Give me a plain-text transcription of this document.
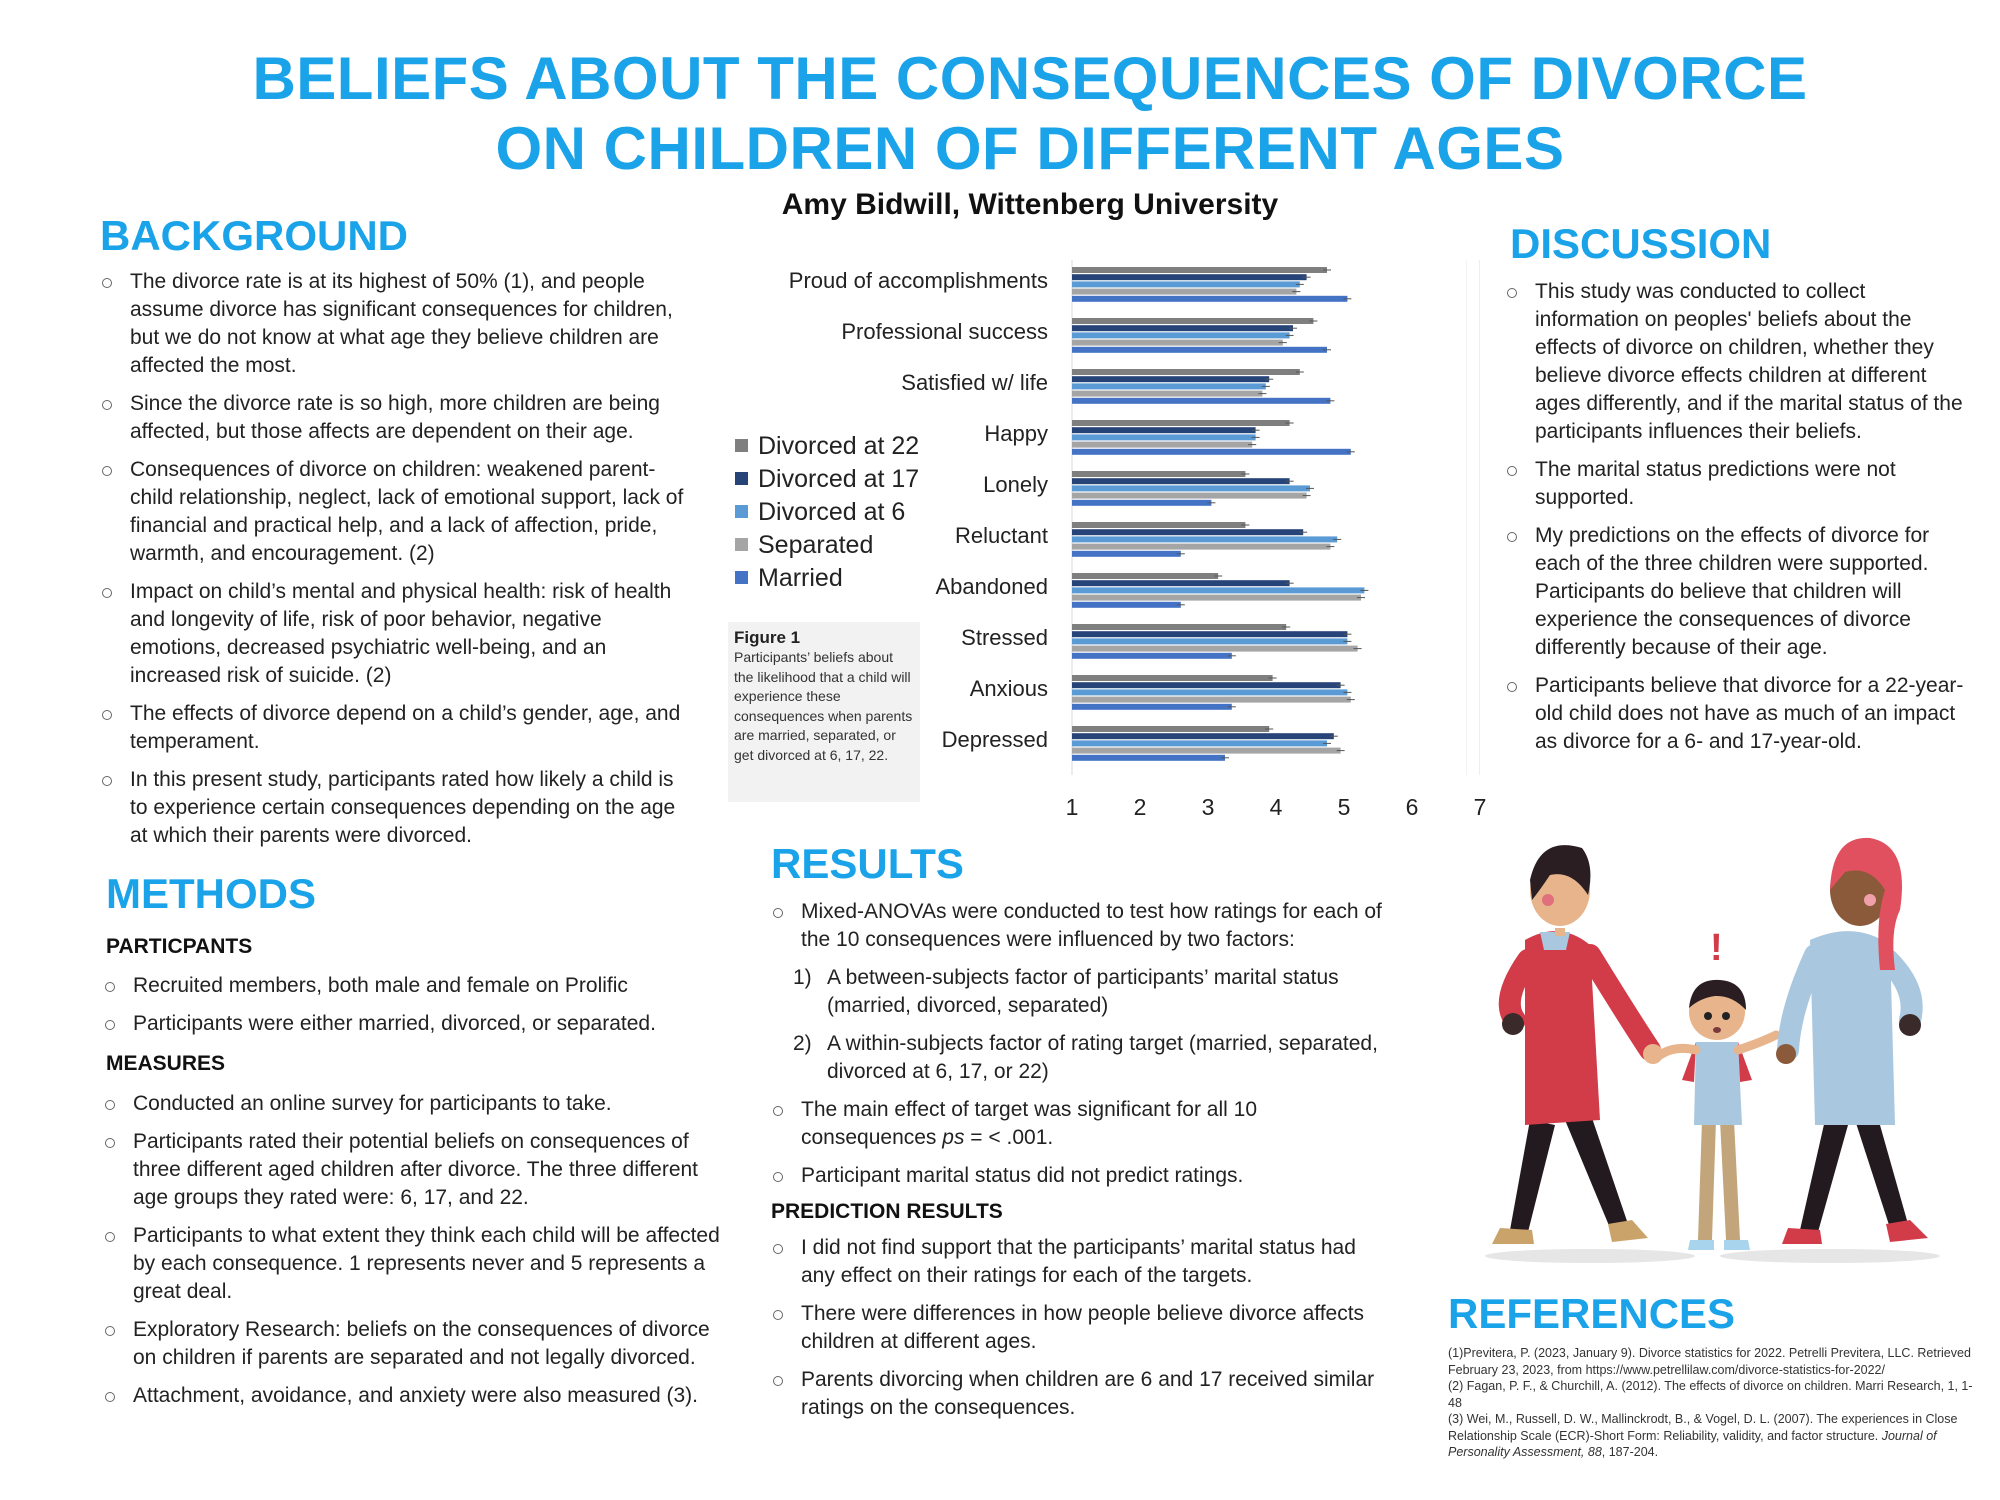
BELIEFS ABOUT THE CONSEQUENCES OF DIVORCE
ON CHILDREN OF DIFFERENT AGES
Amy Bidwill, Wittenberg University
BACKGROUND
The divorce rate is at its highest of 50% (1), and people assume divorce has significant consequences for children, but we do not know at what age they believe children are affected the most.
Since the divorce rate is so high, more children are being affected, but those affects are dependent on their age.
Consequences of divorce on children: weakened parent-child relationship, neglect, lack of emotional support, lack of financial and practical help, and a lack of affection, pride, warmth, and encouragement. (2)
Impact on child’s mental and physical health: risk of health and longevity of life, risk of poor behavior, negative emotions, decreased psychiatric well-being, and an increased risk of suicide. (2)
The effects of divorce depend on a child’s gender, age, and temperament.
In this present study, participants rated how likely a child is to experience certain consequences depending on the age at which their parents were divorced.
METHODS
PARTICPANTS
Recruited members, both male and female on Prolific
Participants were either married, divorced, or separated.
MEASURES
Conducted an online survey for participants to take.
Participants rated their potential beliefs on consequences of three different aged children after divorce. The three different age groups they rated were: 6, 17, and 22.
Participants to what extent they think each child will be affected by each consequence. 1 represents never and 5 represents a great deal.
Exploratory Research: beliefs on the consequences of divorce on children if parents are separated and not legally divorced.
Attachment, avoidance, and anxiety were also measured (3).
Proud of accomplishments
Professional success
Satisfied w/ life
Happy
Lonely
Reluctant
Abandoned
Stressed
Anxious
Depressed
1 2 3 4 5 6 7
Divorced at 22
Divorced at 17
Divorced at 6
Separated
Married
Figure 1
Participants’ beliefs about the likelihood that a child will experience these consequences when parents are married, separated, or get divorced at 6, 17, 22.
RESULTS
Mixed-ANOVAs were conducted to test how ratings for each of the 10 consequences were influenced by two factors:
1) A between-subjects factor of participants’ marital status (married, divorced, separated)
2) A within-subjects factor of rating target (married, separated, divorced at 6, 17, or 22)
The main effect of target was significant for all 10 consequences ps = < .001.
Participant marital status did not predict ratings.
PREDICTION RESULTS
I did not find support that the participants’ marital status had any effect on their ratings for each of the targets.
There were differences in how people believe divorce affects children at different ages.
Parents divorcing when children are 6 and 17 received similar ratings on the consequences.
DISCUSSION
This study was conducted to collect information on peoples' beliefs about the effects of divorce on children, whether they believe divorce effects children at different ages differently, and if the marital status of the participants influences their beliefs.
The marital status predictions were not supported.
My predictions on the effects of divorce for each of the three children were supported. Participants do believe that children will experience the consequences of divorce differently because of their age.
Participants believe that divorce for a 22-year-old child does not have as much of an impact as divorce for a 6- and 17-year-old.
!
REFERENCES
(1)Previtera, P. (2023, January 9). Divorce statistics for 2022. Petrelli Previtera, LLC. Retrieved February 23, 2023, from https://www.petrellilaw.com/divorce-statistics-for-2022/
(2) Fagan, P. F., & Churchill, A. (2012). The effects of divorce on children. Marri Research, 1, 1-48
(3) Wei, M., Russell, D. W., Mallinckrodt, B., & Vogel, D. L. (2007). The experiences in Close Relationship Scale (ECR)-Short Form: Reliability, validity, and factor structure. Journal of Personality Assessment, 88, 187-204.
